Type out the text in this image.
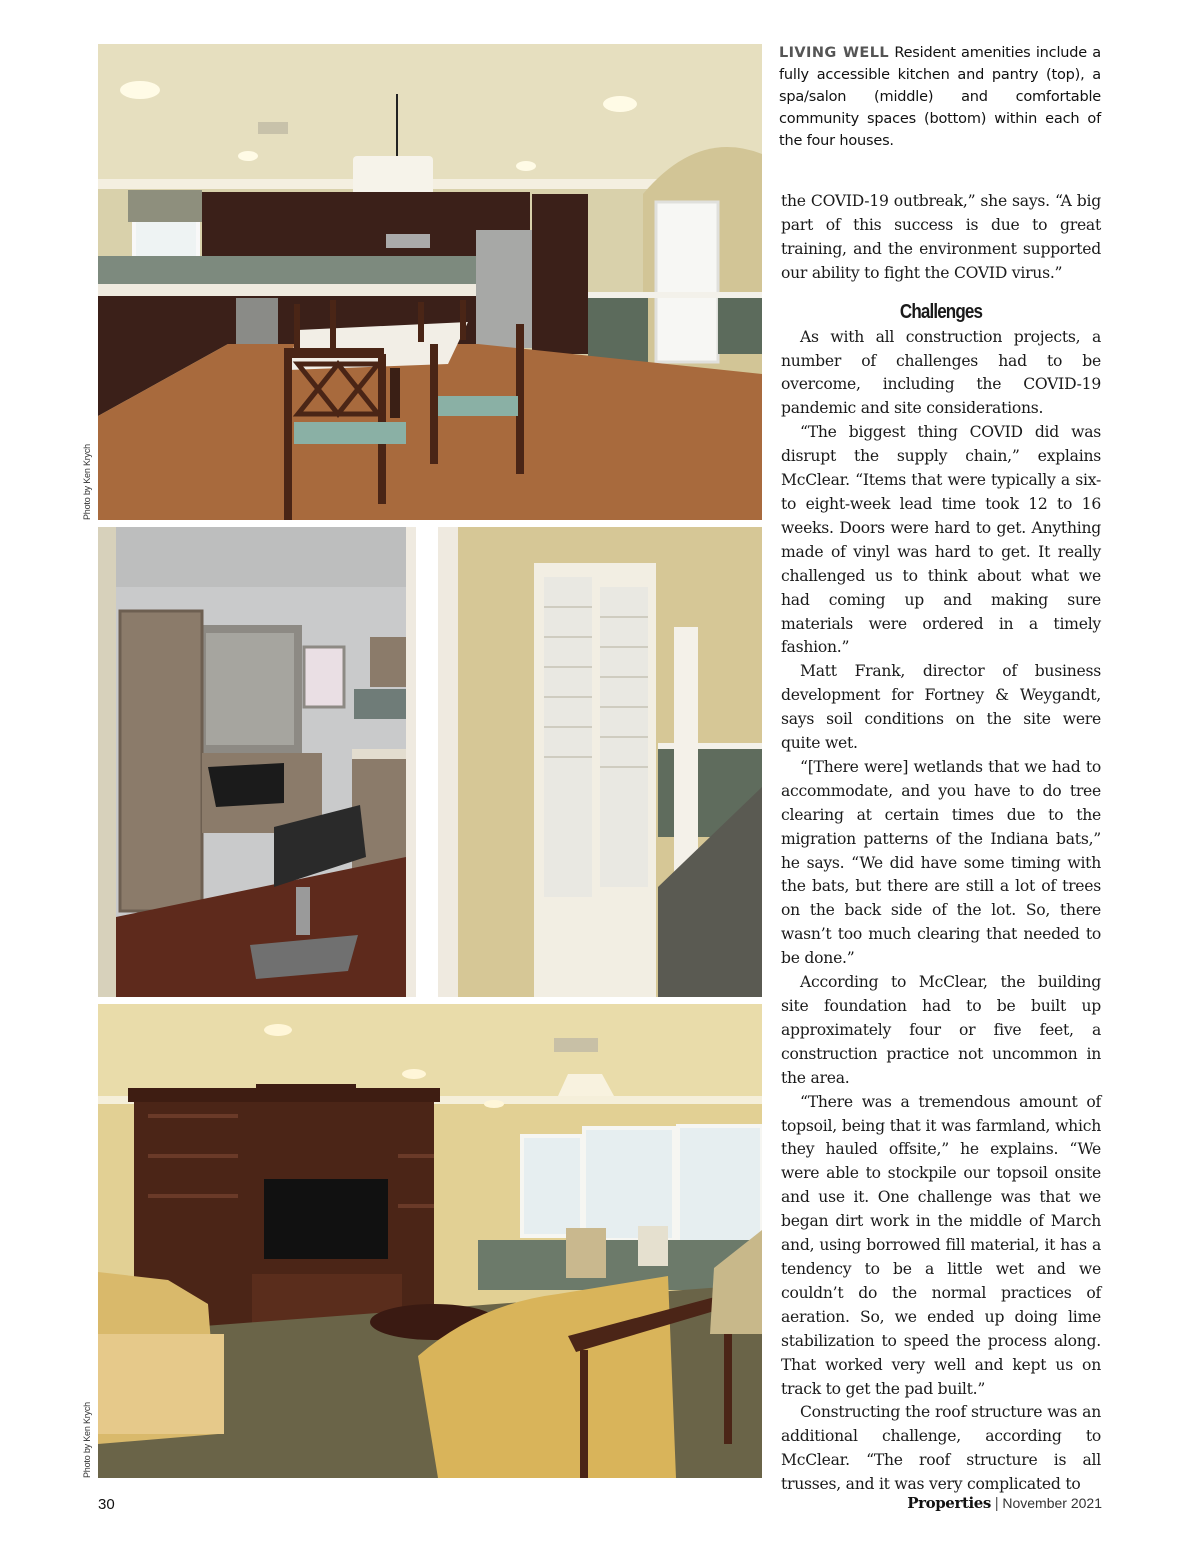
Photo by Ken Krych
Photo by Ken Krych
LIVING WELL Resident amenities include a fully accessible kitchen and pantry (top), a spa/salon (middle) and comfortable community spaces (bottom) within each of the four houses.

the COVID-19 outbreak,” she says. “A big part of this success is due to great training, and the environment supported our ability to fight the COVID virus.”

Challenges

As with all construction projects, a number of challenges had to be overcome, including the COVID-19 pandemic and site considerations.

“The biggest thing COVID did was disrupt the supply chain,” explains McClear. “Items that were typically a six- to eight-week lead time took 12 to 16 weeks. Doors were hard to get. Anything made of vinyl was hard to get. It really challenged us to think about what we had coming up and making sure materials were ordered in a timely fashion.”

Matt Frank, director of business development for Fortney & Weygandt, says soil conditions on the site were quite wet.

“[There were] wetlands that we had to accommodate, and you have to do tree clearing at certain times due to the migration patterns of the Indiana bats,” he says. “We did have some timing with the bats, but there are still a lot of trees on the back side of the lot. So, there wasn’t too much clearing that needed to be done.”

According to McClear, the building site foundation had to be built up approximately four or five feet, a construction practice not uncommon in the area.

“There was a tremendous amount of topsoil, being that it was farmland, which they hauled offsite,” he explains. “We were able to stockpile our topsoil onsite and use it. One challenge was that we began dirt work in the middle of March and, using borrowed fill material, it has a tendency to be a little wet and we couldn’t do the normal practices of aeration. So, we ended up doing lime stabilization to speed the process along. That worked very well and kept us on track to get the pad built.”

Constructing the roof structure was an additional challenge, according to McClear. “The roof structure is all trusses, and it was very complicated to

30	Properties | November 2021
